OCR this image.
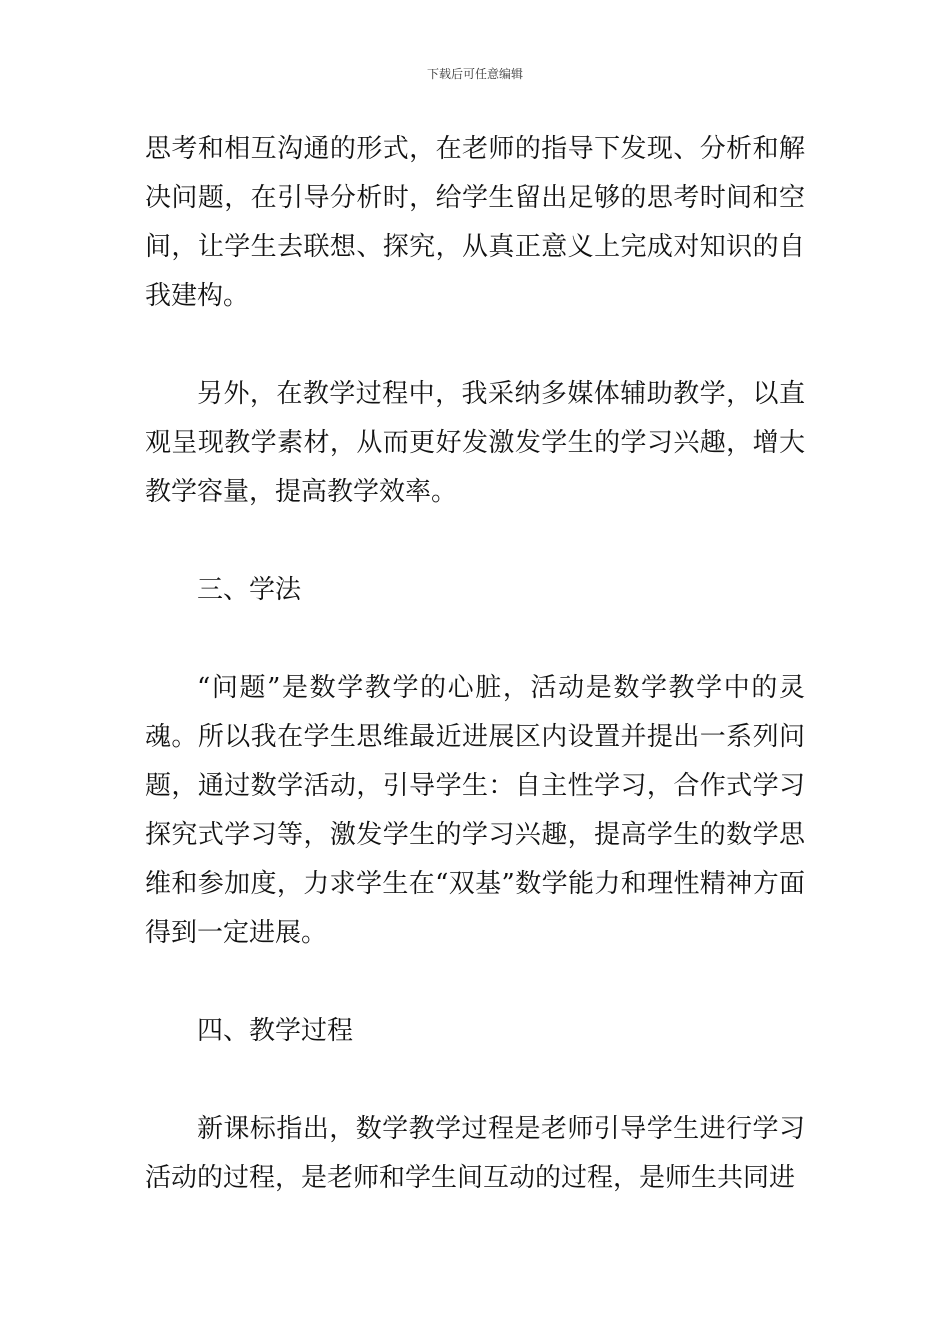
下载后可任意编辑

思考和相互沟通的形式，在老师的指导下发现、分析和解决问题，在引导分析时，给学生留出足够的思考时间和空间，让学生去联想、探究，从真正意义上完成对知识的自我建构。

另外，在教学过程中，我采纳多媒体辅助教学，以直观呈现教学素材，从而更好发激发学生的学习兴趣，增大教学容量，提高教学效率。

三、学法

“问题”是数学教学的心脏，活动是数学教学中的灵魂。所以我在学生思维最近进展区内设置并提出一系列问题，通过数学活动，引导学生：自主性学习，合作式学习探究式学习等，激发学生的学习兴趣，提高学生的数学思维和参加度，力求学生在“双基”数学能力和理性精神方面得到一定进展。

四、教学过程

新课标指出，数学教学过程是老师引导学生进行学习活动的过程，是老师和学生间互动的过程，是师生共同进
